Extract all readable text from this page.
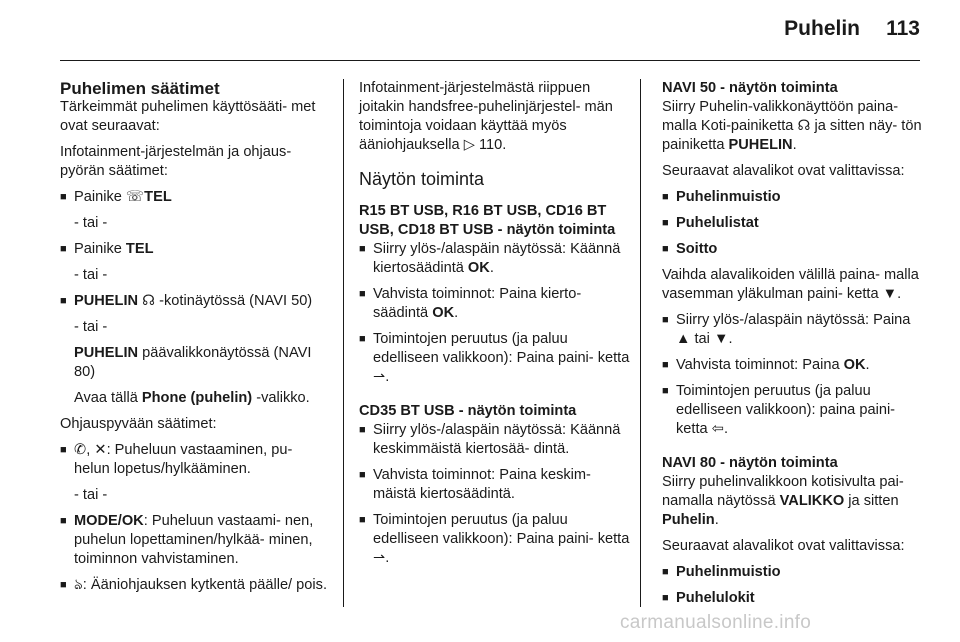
Puhelin 113
Puhelimen säätimet

Tärkeimmät puhelimen käyttösääti- met ovat seuraavat:

Infotainment-järjestelmän ja ohjaus- pyörän säätimet:

■ Painike ☏TEL
- tai -
■ Painike TEL
- tai -
■ PUHELIN ☊ -kotinäytössä (NAVI 50)
- tai -
PUHELIN päävalikkonäytössä (NAVI 80)
Avaa tällä Phone (puhelin) -valikko.

Ohjauspyvään säätimet:

■ ✆, ✕: Puheluun vastaaminen, pu- helun lopetus/hylkääminen.
- tai -
■ MODE/OK: Puheluun vastaami- nen, puhelun lopettaminen/hylkää- minen, toiminnon vahvistaminen.
■ ঌ: Ääniohjauksen kytkentä päälle/ pois.

Infotainment-järjestelmästä riippuen joitakin handsfree-puhelinjärjestel- män toimintoja voidaan käyttää myös ääniohjauksella ▷ 110.

Näytön toiminta
R15 BT USB, R16 BT USB, CD16 BT USB, CD18 BT USB - näytön toiminta
■ Siirry ylös-/alaspäin näytössä: Käännä kiertosäädintä OK.
■ Vahvista toiminnot: Paina kierto- säädintä OK.
■ Toimintojen peruutus (ja paluu edelliseen valikkoon): Paina paini- ketta ⇀.
CD35 BT USB - näytön toiminta
■ Siirry ylös-/alaspäin näytössä: Käännä keskimmäistä kiertosää- dintä.
■ Vahvista toiminnot: Paina keskim- mäistä kiertosäädintä.
■ Toimintojen peruutus (ja paluu edelliseen valikkoon): Paina paini- ketta ⇀.
NAVI 50 - näytön toiminta

Siirry Puhelin-valikkonäyttöön paina- malla Koti-painiketta ☊ ja sitten näy- tön painiketta PUHELIN.

Seuraavat alavalikot ovat valittavissa:

■ Puhelinmuistio
■ Puhelulistat
■ Soitto

Vaihda alavalikoiden välillä paina- malla vasemman yläkulman paini- ketta ▼.

■ Siirry ylös-/alaspäin näytössä: Paina ▲ tai ▼.
■ Vahvista toiminnot: Paina OK.
■ Toimintojen peruutus (ja paluu edelliseen valikkoon): paina paini- ketta ⇦.
NAVI 80 - näytön toiminta

Siirry puhelinvalikkoon kotisivulta pai- namalla näytössä VALIKKO ja sitten Puhelin.

Seuraavat alavalikot ovat valittavissa:

■ Puhelinmuistio
■ Puhelulokit
carmanualsonline.info
